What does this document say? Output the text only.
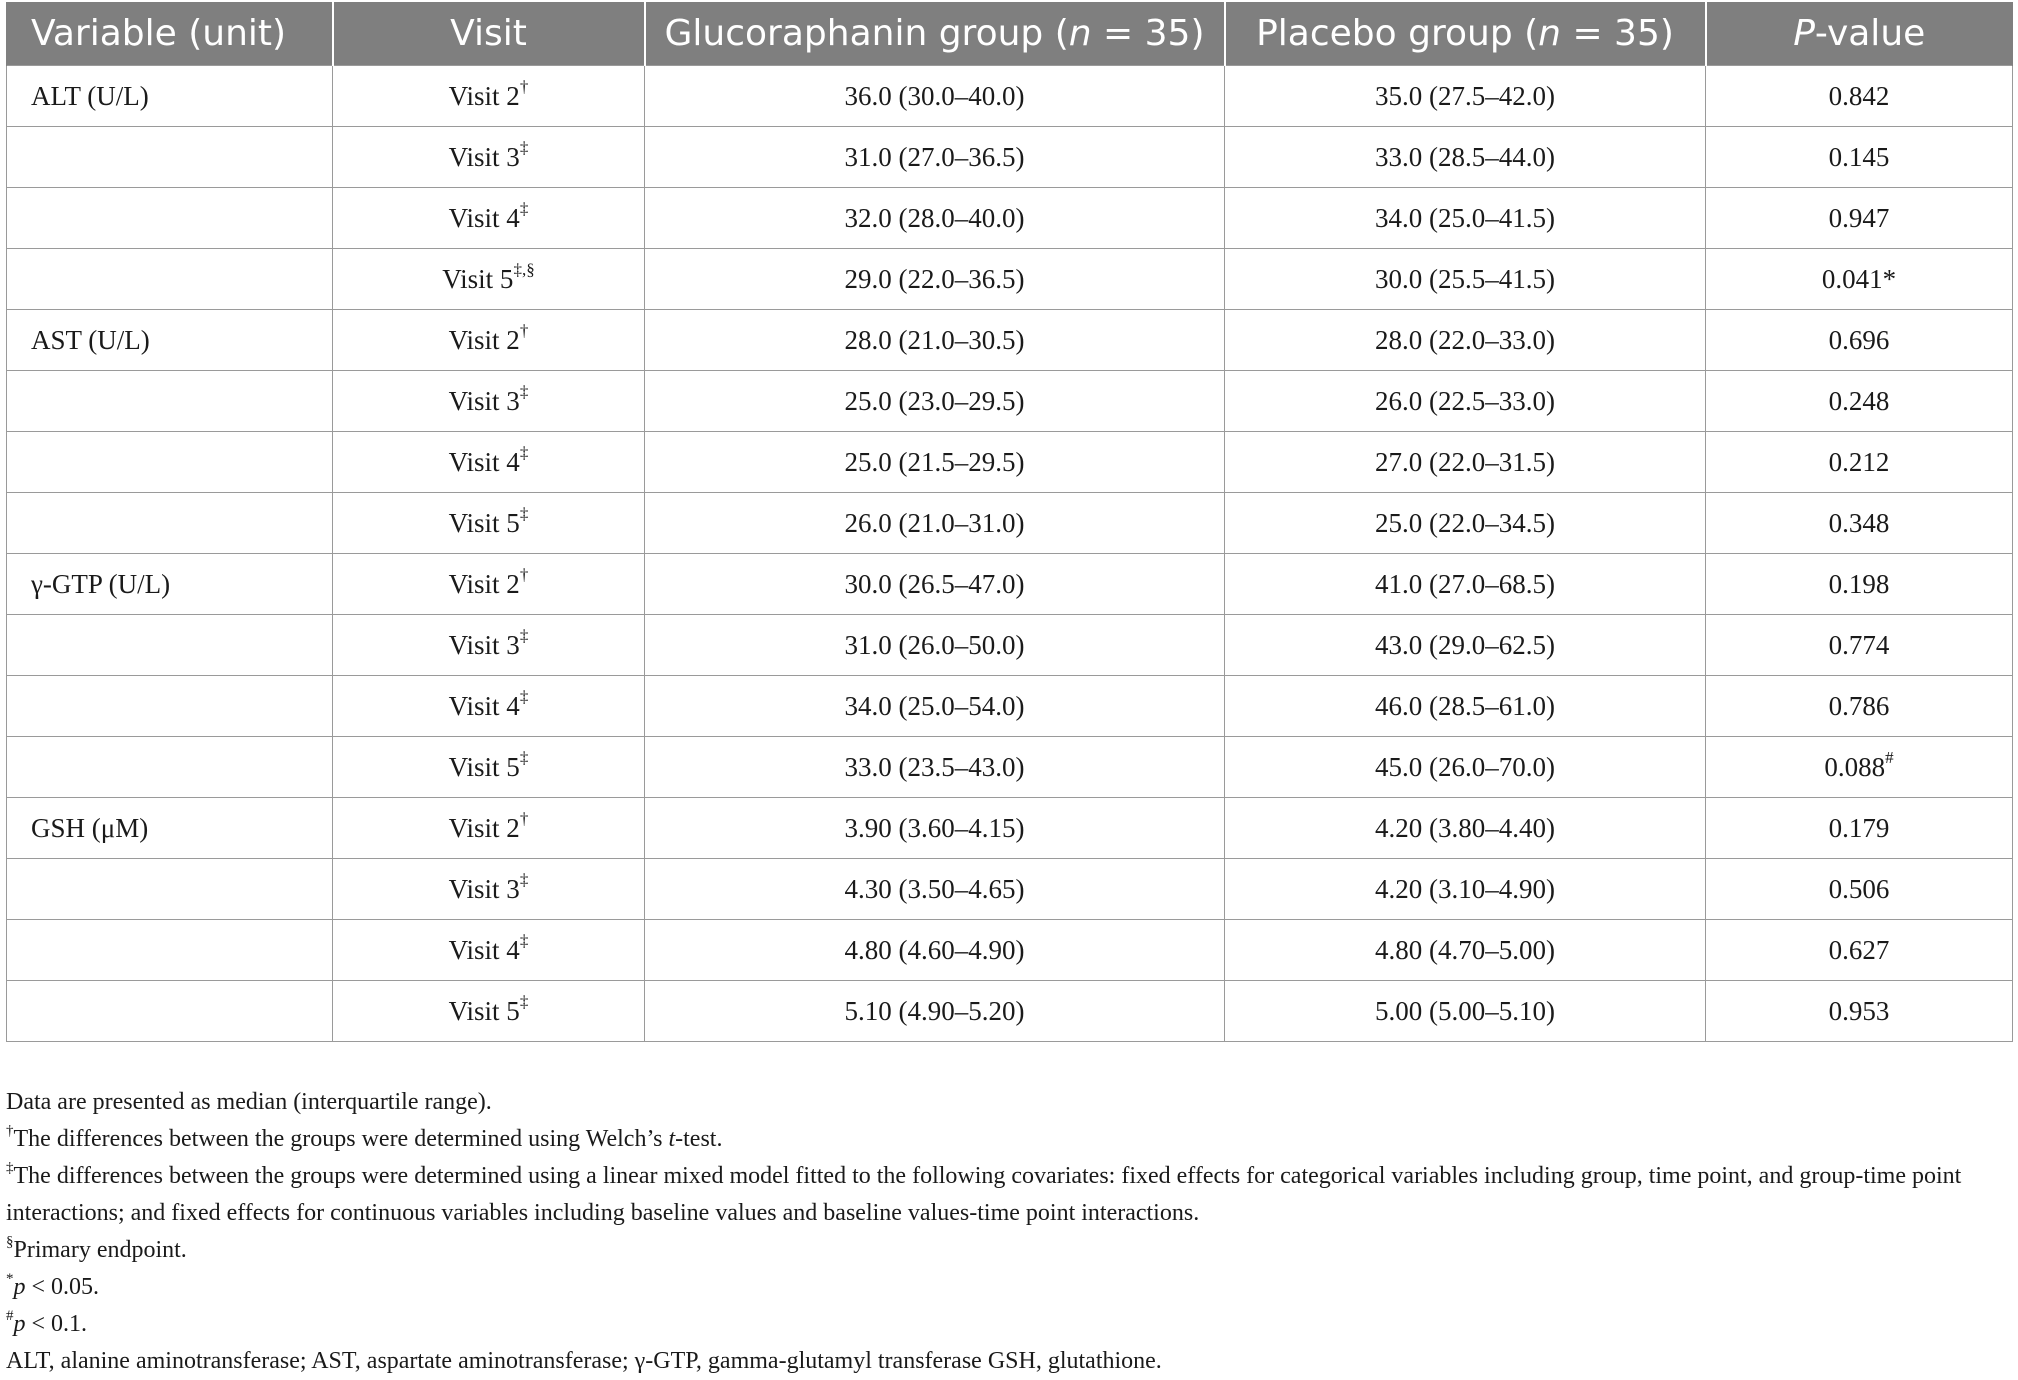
Variable (unit)	Visit	Glucoraphanin group (n = 35)	Placebo group (n = 35)	P-value
ALT (U/L)	Visit 2†	36.0 (30.0–40.0)	35.0 (27.5–42.0)	0.842
	Visit 3‡	31.0 (27.0–36.5)	33.0 (28.5–44.0)	0.145
	Visit 4‡	32.0 (28.0–40.0)	34.0 (25.0–41.5)	0.947
	Visit 5‡,§	29.0 (22.0–36.5)	30.0 (25.5–41.5)	0.041*
AST (U/L)	Visit 2†	28.0 (21.0–30.5)	28.0 (22.0–33.0)	0.696
	Visit 3‡	25.0 (23.0–29.5)	26.0 (22.5–33.0)	0.248
	Visit 4‡	25.0 (21.5–29.5)	27.0 (22.0–31.5)	0.212
	Visit 5‡	26.0 (21.0–31.0)	25.0 (22.0–34.5)	0.348
γ-GTP (U/L)	Visit 2†	30.0 (26.5–47.0)	41.0 (27.0–68.5)	0.198
	Visit 3‡	31.0 (26.0–50.0)	43.0 (29.0–62.5)	0.774
	Visit 4‡	34.0 (25.0–54.0)	46.0 (28.5–61.0)	0.786
	Visit 5‡	33.0 (23.5–43.0)	45.0 (26.0–70.0)	0.088#
GSH (μM)	Visit 2†	3.90 (3.60–4.15)	4.20 (3.80–4.40)	0.179
	Visit 3‡	4.30 (3.50–4.65)	4.20 (3.10–4.90)	0.506
	Visit 4‡	4.80 (4.60–4.90)	4.80 (4.70–5.00)	0.627
	Visit 5‡	5.10 (4.90–5.20)	5.00 (5.00–5.10)	0.953

Data are presented as median (interquartile range).

†The differences between the groups were determined using Welch’s t-test.

‡The differences between the groups were determined using a linear mixed model fitted to the following covariates: fixed effects for categorical variables including group, time point, and group-time point interactions; and fixed effects for continuous variables including baseline values and baseline values-time point interactions.

§Primary endpoint.

*p < 0.05.

#p < 0.1.

ALT, alanine aminotransferase; AST, aspartate aminotransferase; γ-GTP, gamma-glutamyl transferase GSH, glutathione.
